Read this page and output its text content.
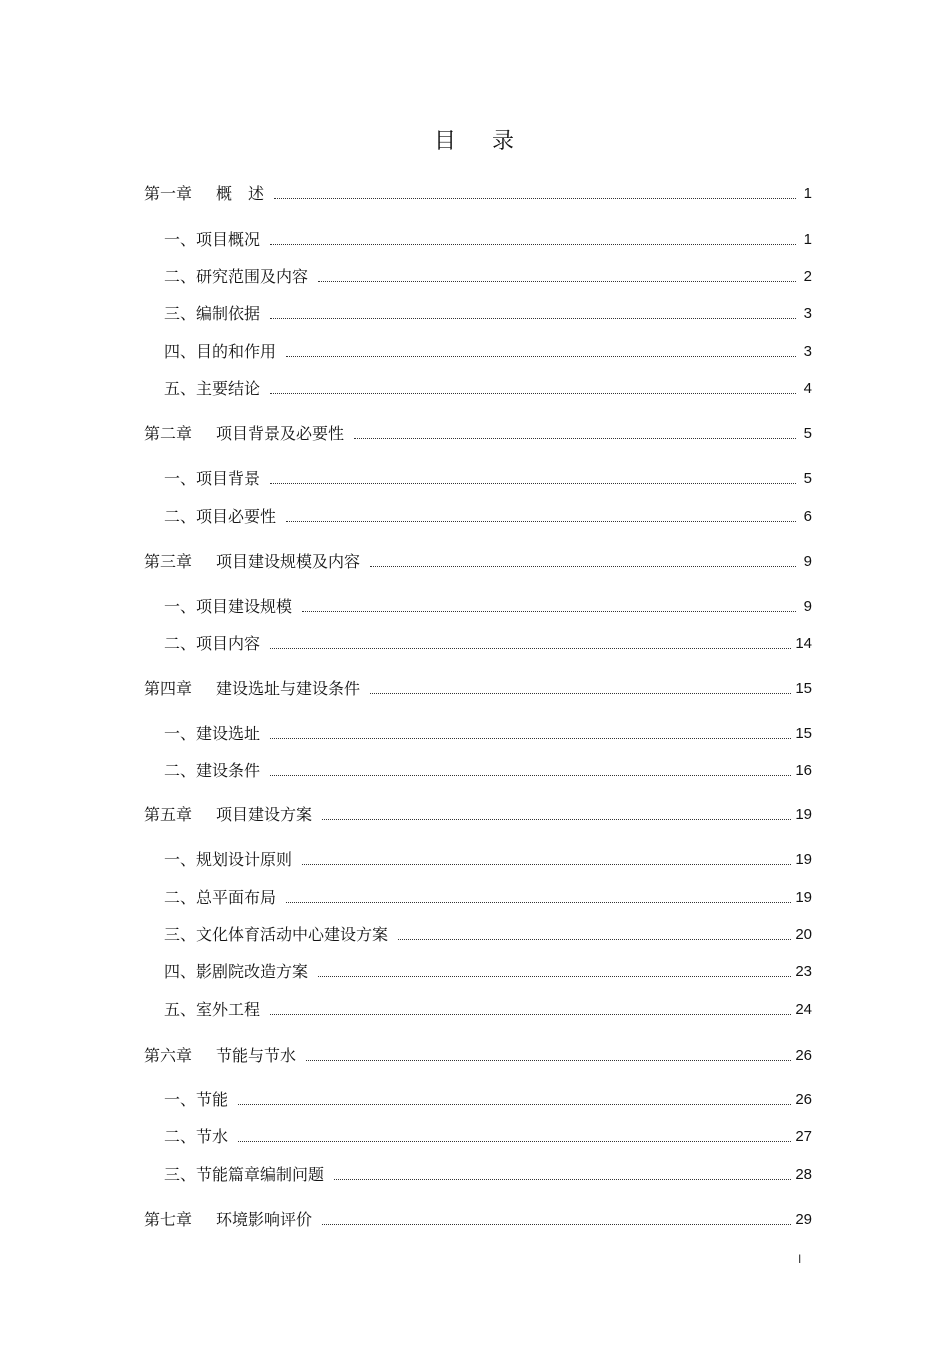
目 录
第一章 概　述	1
一、项目概况	1
二、研究范围及内容	2
三、编制依据	3
四、目的和作用	3
五、主要结论	4
第二章 项目背景及必要性	5
一、项目背景	5
二、项目必要性	6
第三章 项目建设规模及内容	9
一、项目建设规模	9
二、项目内容	14
第四章 建设选址与建设条件	15
一、建设选址	15
二、建设条件	16
第五章 项目建设方案	19
一、规划设计原则	19
二、总平面布局	19
三、文化体育活动中心建设方案	20
四、影剧院改造方案	23
五、室外工程	24
第六章 节能与节水	26
一、节能	26
二、节水	27
三、节能篇章编制问题	28
第七章 环境影响评价	29
I
